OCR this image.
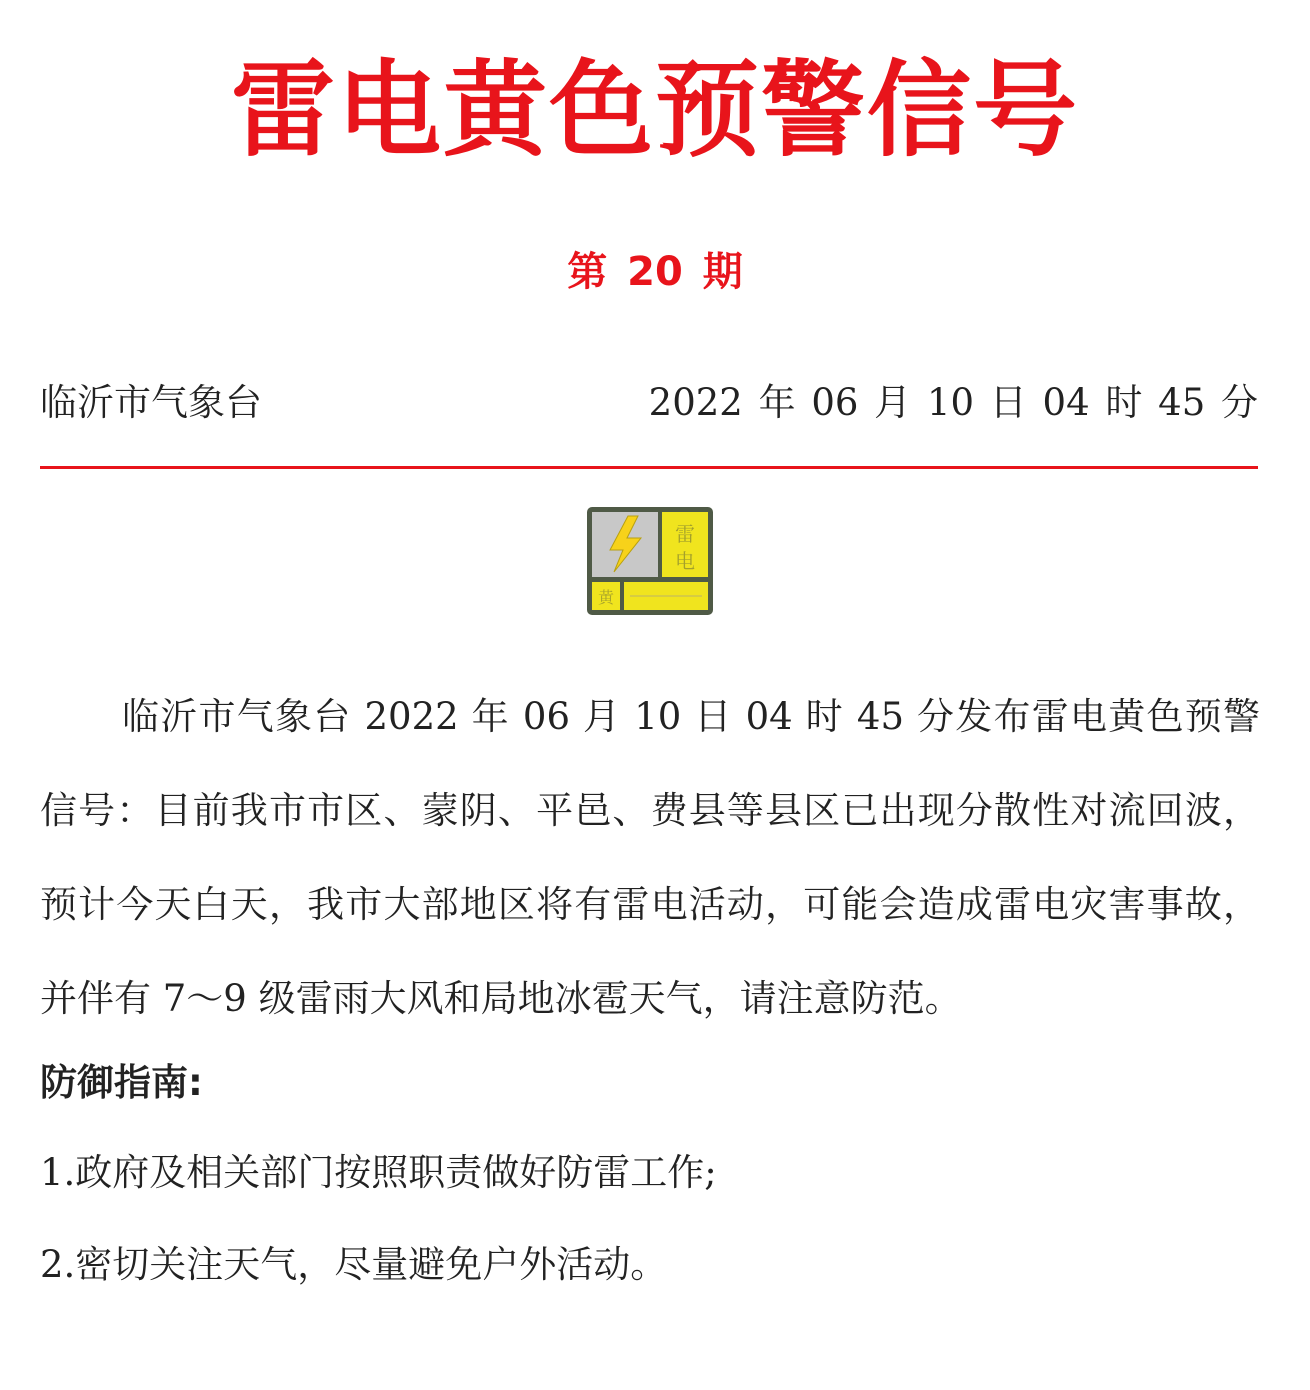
雷电黄色预警信号
第 20 期
临沂市气象台	2022 年 06 月 10 日 04 时 45 分
雷
电
黄

临沂市气象台 2022 年 06 月 10 日 04 时 45 分发布雷电黄色预警信号：目前我市市区、蒙阴、平邑、费县等县区已出现分散性对流回波，预计今天白天，我市大部地区将有雷电活动，可能会造成雷电灾害事故，并伴有 7～9 级雷雨大风和局地冰雹天气，请注意防范。

防御指南:
1.政府及相关部门按照职责做好防雷工作;
2.密切关注天气，尽量避免户外活动。
